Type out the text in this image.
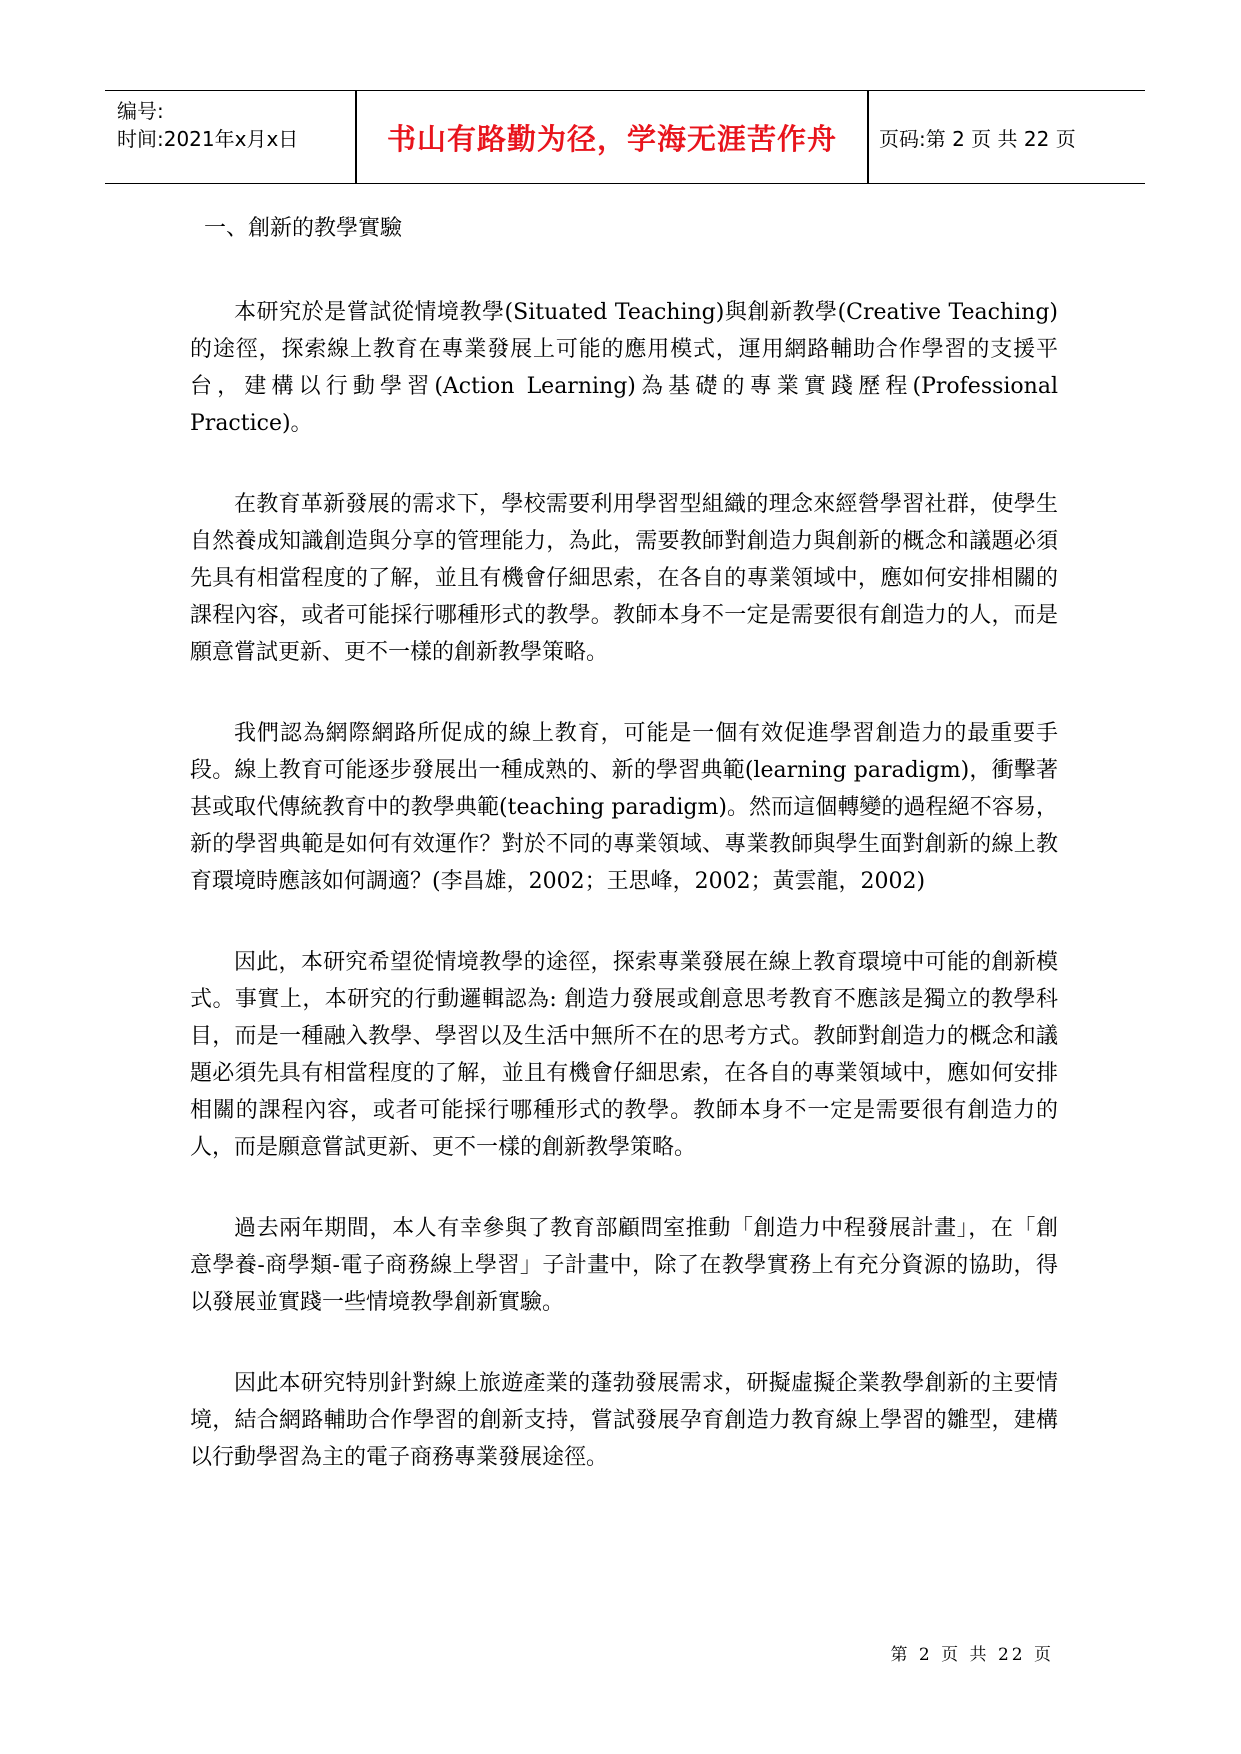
编号:
时间:2021年x月x日	书山有路勤为径，学海无涯苦作舟	页码:第 2 页 共 22 页
一、創新的教學實驗

本研究於是嘗試從情境教學(Situated Teaching)與創新教學(Creative Teaching)的途徑，探索線上教育在專業發展上可能的應用模式，運用網路輔助合作學習的支援平台，建構以行動學習(Action Learning)為基礎的專業實踐歷程(Professional Practice)。

在教育革新發展的需求下，學校需要利用學習型組織的理念來經營學習社群，使學生自然養成知識創造與分享的管理能力，為此，需要教師對創造力與創新的概念和議題必須先具有相當程度的了解，並且有機會仔細思索，在各自的專業領域中，應如何安排相關的課程內容，或者可能採行哪種形式的教學。教師本身不一定是需要很有創造力的人，而是願意嘗試更新、更不一樣的創新教學策略。

我們認為網際網路所促成的線上教育，可能是一個有效促進學習創造力的最重要手段。線上教育可能逐步發展出一種成熟的、新的學習典範(learning paradigm)，衝擊著甚或取代傳統教育中的教學典範(teaching paradigm)。然而這個轉變的過程絕不容易，新的學習典範是如何有效運作？對於不同的專業領域、專業教師與學生面對創新的線上教育環境時應該如何調適？(李昌雄，2002；王思峰，2002；黃雲龍，2002)

因此，本研究希望從情境教學的途徑，探索專業發展在線上教育環境中可能的創新模式。事實上，本研究的行動邏輯認為: 創造力發展或創意思考教育不應該是獨立的教學科目，而是一種融入教學、學習以及生活中無所不在的思考方式。教師對創造力的概念和議題必須先具有相當程度的了解，並且有機會仔細思索，在各自的專業領域中，應如何安排相關的課程內容，或者可能採行哪種形式的教學。教師本身不一定是需要很有創造力的人，而是願意嘗試更新、更不一樣的創新教學策略。

過去兩年期間，本人有幸參與了教育部顧問室推動「創造力中程發展計畫」，在「創意學養-商學類-電子商務線上學習」子計畫中，除了在教學實務上有充分資源的協助，得以發展並實踐一些情境教學創新實驗。

因此本研究特別針對線上旅遊產業的蓬勃發展需求，研擬虛擬企業教學創新的主要情境，結合網路輔助合作學習的創新支持，嘗試發展孕育創造力教育線上學習的雛型，建構以行動學習為主的電子商務專業發展途徑。

第 2 页 共 22 页
